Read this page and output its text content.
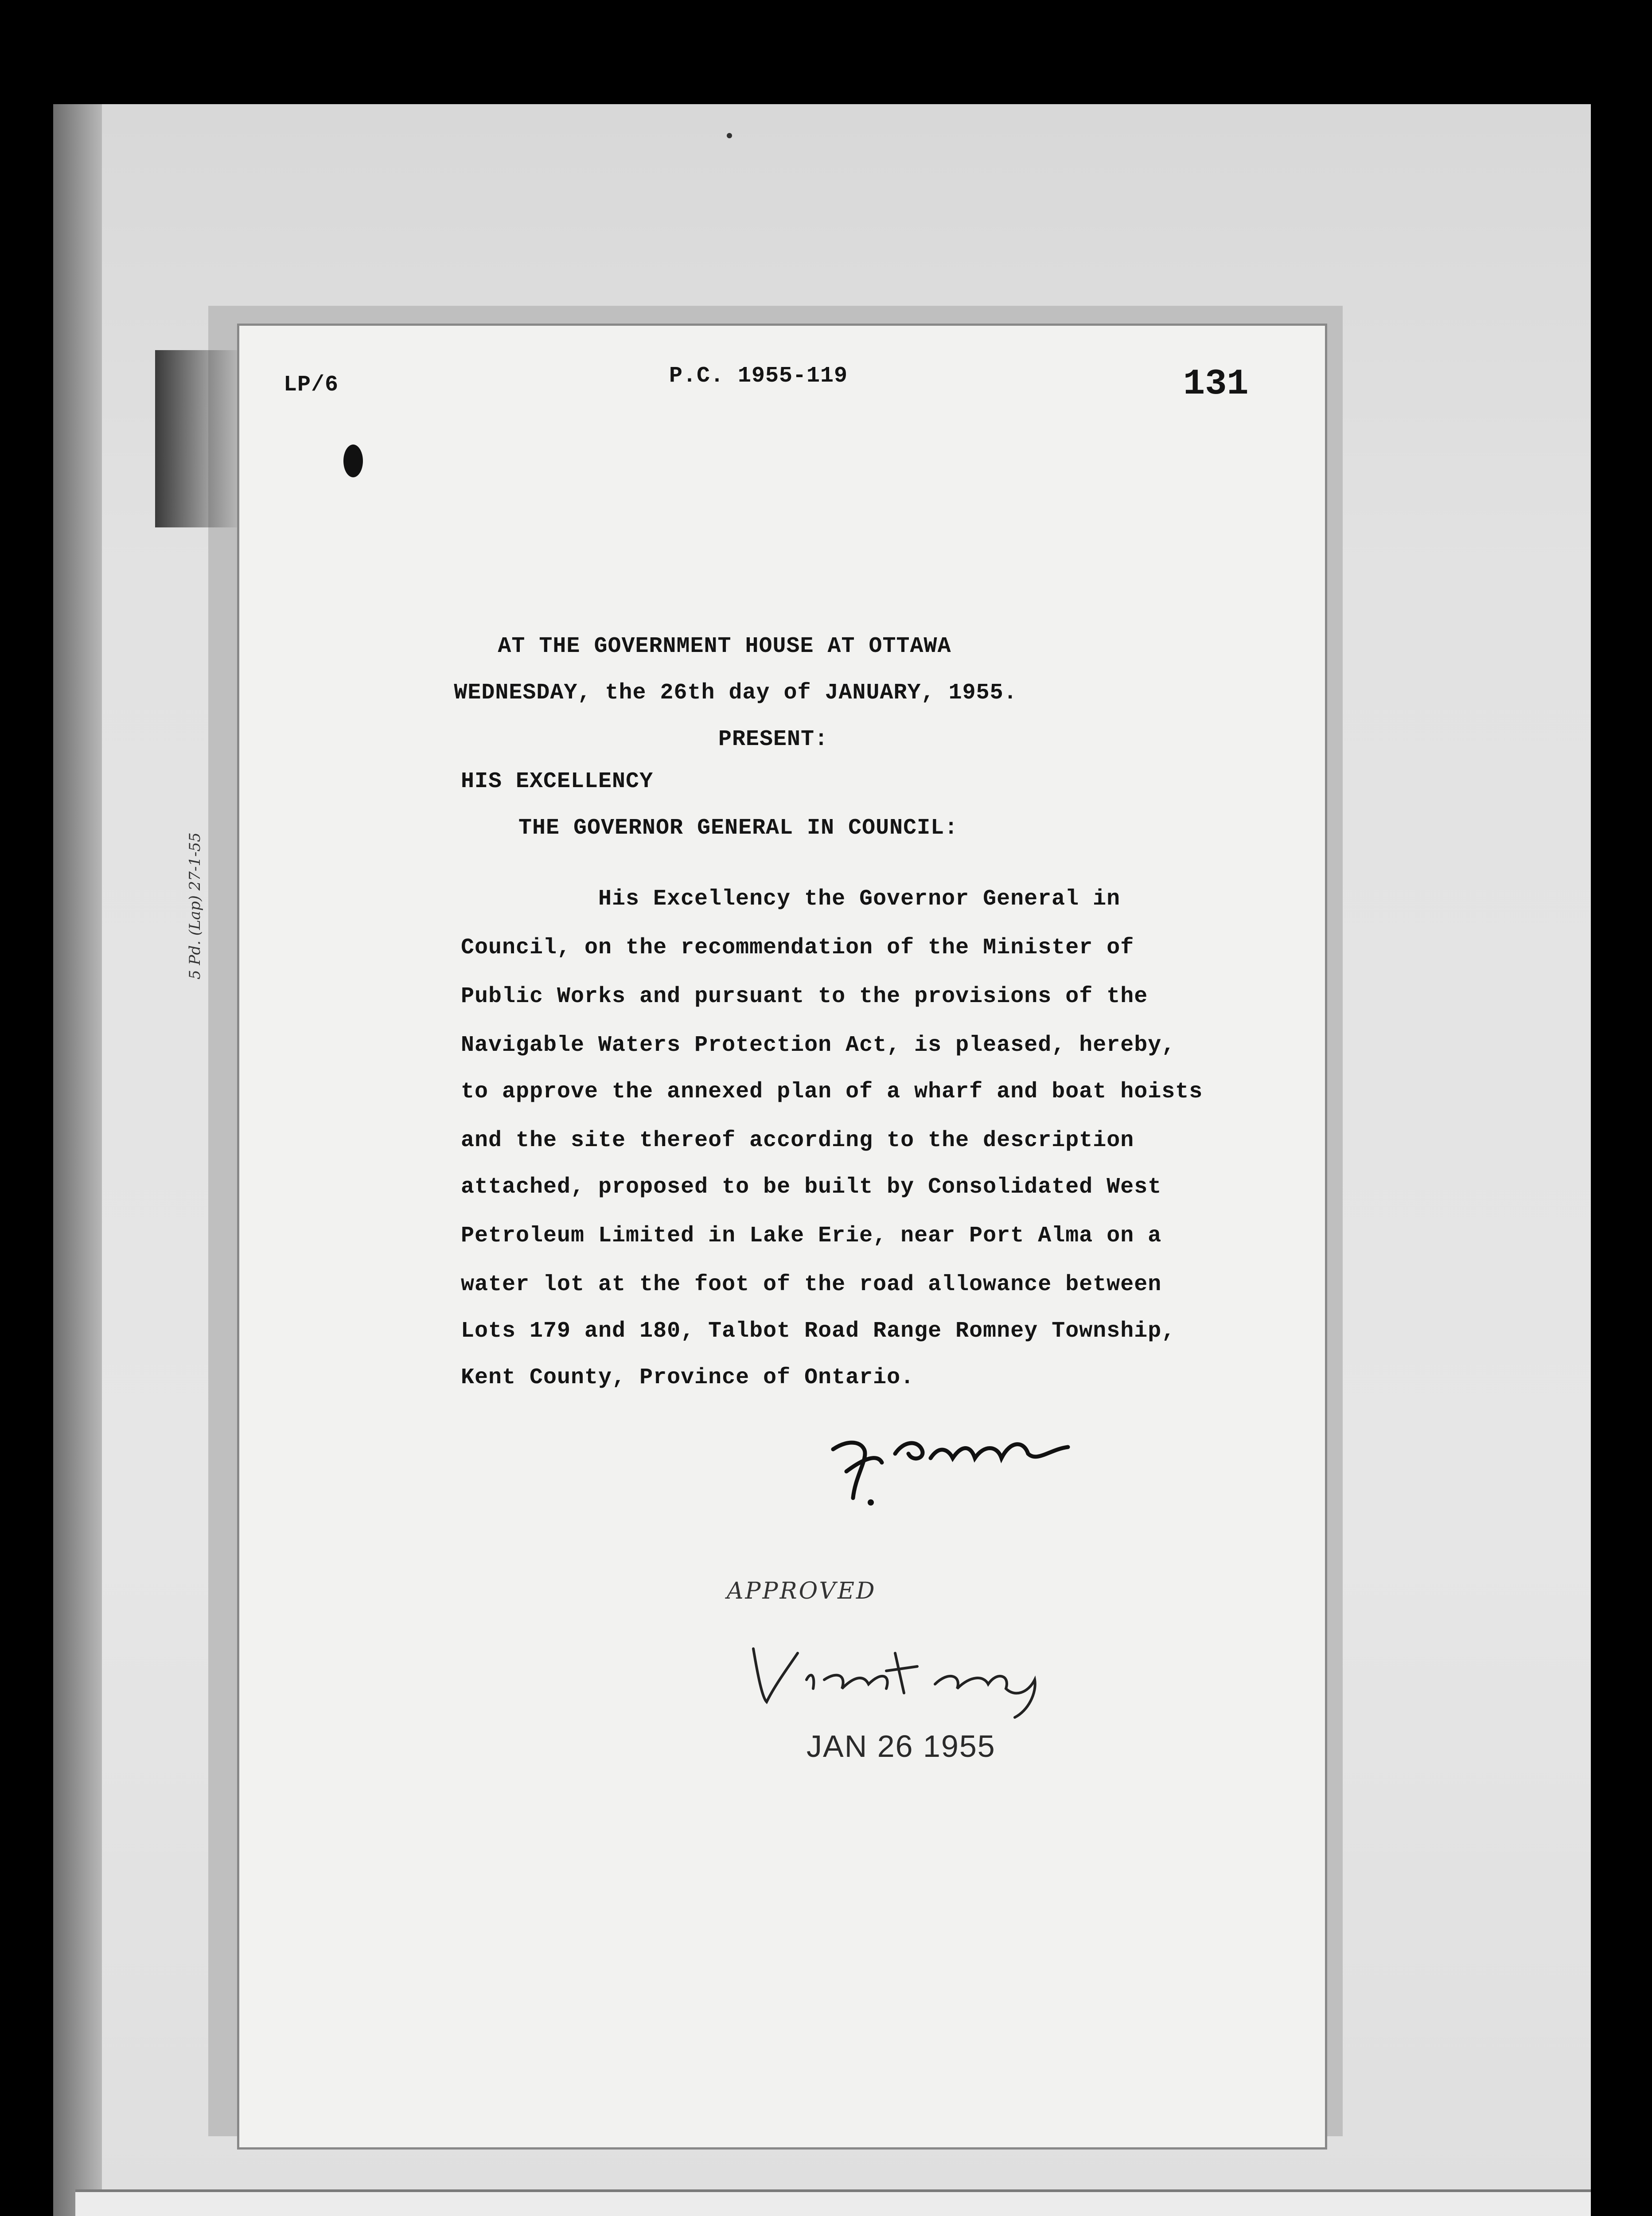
LP/6	P.C. 1955-119	131
AT THE GOVERNMENT HOUSE AT OTTAWA
WEDNESDAY, the 26th day of JANUARY, 1955.
PRESENT:
HIS EXCELLENCY
THE GOVERNOR GENERAL IN COUNCIL:
His Excellency the Governor General in
Council, on the recommendation of the Minister of
Public Works and pursuant to the provisions of the
Navigable Waters Protection Act, is pleased, hereby,
to approve the annexed plan of a wharf and boat hoists
and the site thereof according to the description
attached, proposed to be built by Consolidated West
Petroleum Limited in Lake Erie, near Port Alma on a
water lot at the foot of the road allowance between
Lots 179 and 180, Talbot Road Range Romney Township,
Kent County, Province of Ontario.
5 Pd. (Lap) 27-1-55
APPROVED
JAN 26 1955
